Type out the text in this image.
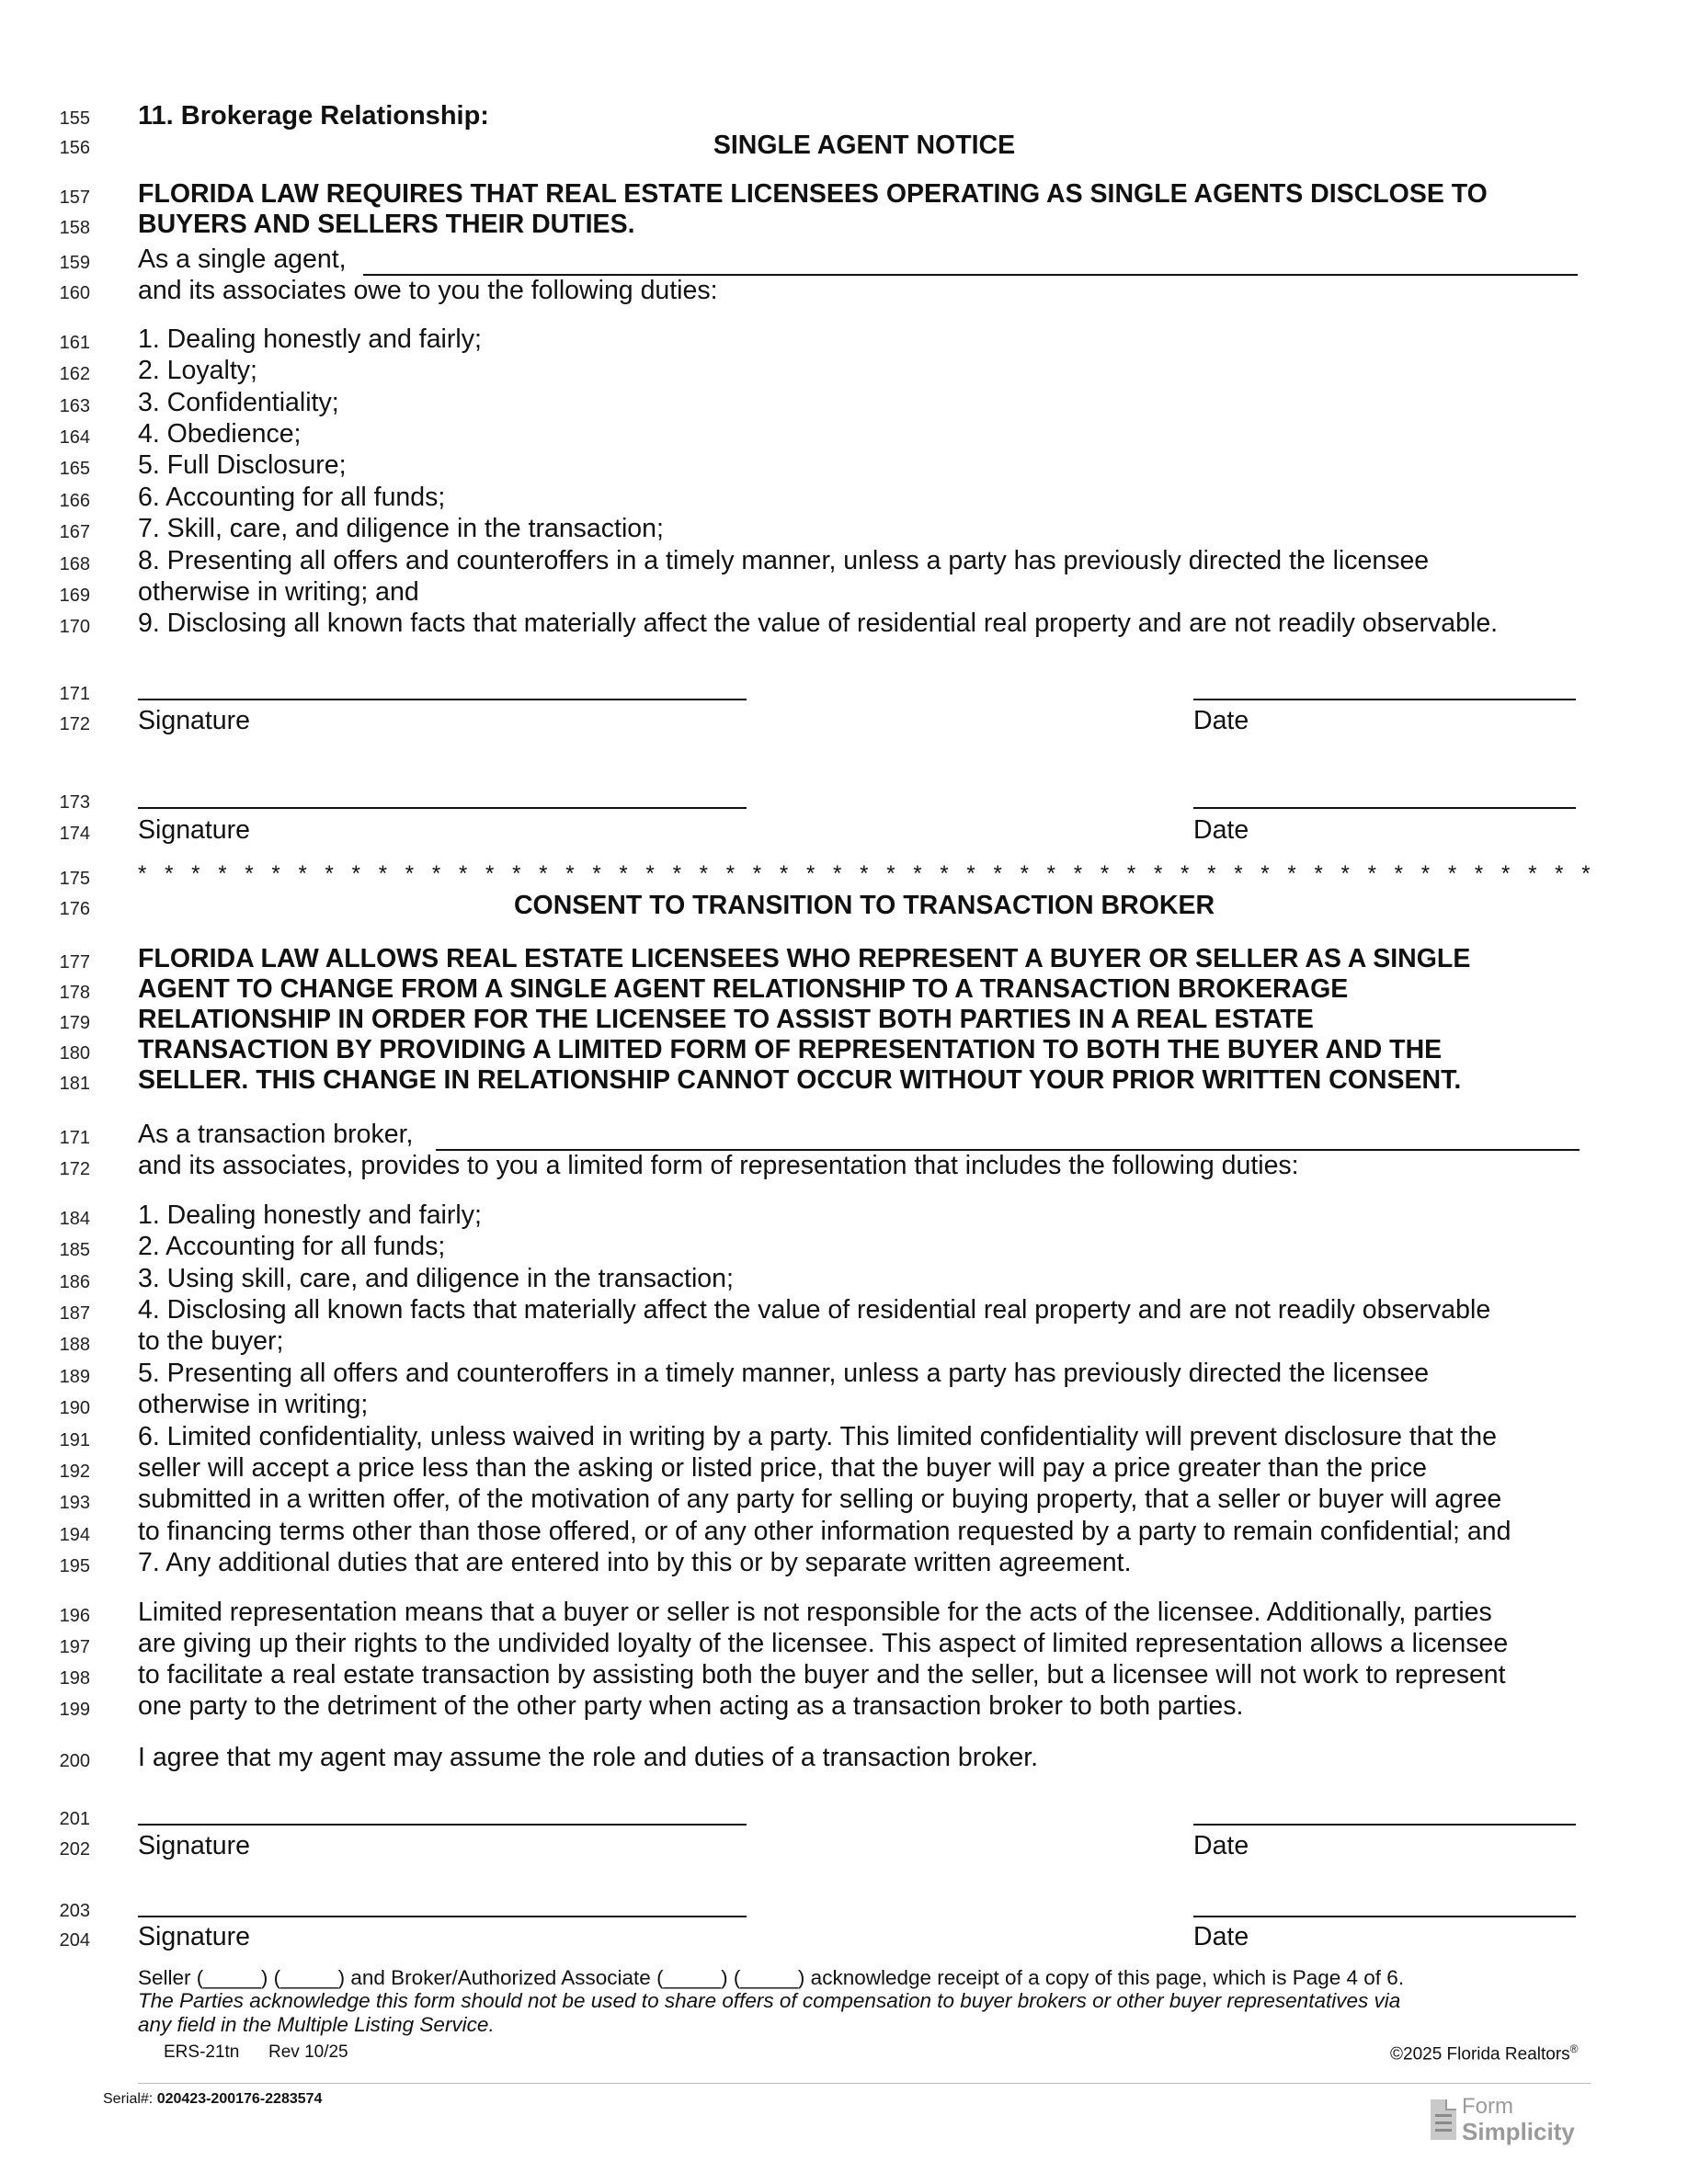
155 11. Brokerage Relationship:
156	SINGLE AGENT NOTICE
157 FLORIDA LAW REQUIRES THAT REAL ESTATE LICENSEES OPERATING AS SINGLE AGENTS DISCLOSE TO
158 BUYERS AND SELLERS THEIR DUTIES.
159 As a single agent,
160 and its associates owe to you the following duties:
161 1. Dealing honestly and fairly;
162 2. Loyalty;
163 3. Confidentiality;
164 4. Obedience;
165 5. Full Disclosure;
166 6. Accounting for all funds;
167 7. Skill, care, and diligence in the transaction;
168 8. Presenting all offers and counteroffers in a timely manner, unless a party has previously directed the licensee
169 otherwise in writing; and
170 9. Disclosing all known facts that materially affect the value of residential real property and are not readily observable.
171
172 Signature	Date
173
174 Signature	Date
175 * * * * * * * * * * * * * * * * * * * * * * * * * * * * * * * * * * * * * * * * * * * * * * * * * * * * * * *
176	CONSENT TO TRANSITION TO TRANSACTION BROKER
177 FLORIDA LAW ALLOWS REAL ESTATE LICENSEES WHO REPRESENT A BUYER OR SELLER AS A SINGLE
178 AGENT TO CHANGE FROM A SINGLE AGENT RELATIONSHIP TO A TRANSACTION BROKERAGE
179 RELATIONSHIP IN ORDER FOR THE LICENSEE TO ASSIST BOTH PARTIES IN A REAL ESTATE
180 TRANSACTION BY PROVIDING A LIMITED FORM OF REPRESENTATION TO BOTH THE BUYER AND THE
181 SELLER. THIS CHANGE IN RELATIONSHIP CANNOT OCCUR WITHOUT YOUR PRIOR WRITTEN CONSENT.
171 As a transaction broker,
172 and its associates, provides to you a limited form of representation that includes the following duties:
184 1. Dealing honestly and fairly;
185 2. Accounting for all funds;
186 3. Using skill, care, and diligence in the transaction;
187 4. Disclosing all known facts that materially affect the value of residential real property and are not readily observable
188 to the buyer;
189 5. Presenting all offers and counteroffers in a timely manner, unless a party has previously directed the licensee
190 otherwise in writing;
191 6. Limited confidentiality, unless waived in writing by a party. This limited confidentiality will prevent disclosure that the
192 seller will accept a price less than the asking or listed price, that the buyer will pay a price greater than the price
193 submitted in a written offer, of the motivation of any party for selling or buying property, that a seller or buyer will agree
194 to financing terms other than those offered, or of any other information requested by a party to remain confidential; and
195 7. Any additional duties that are entered into by this or by separate written agreement.
196 Limited representation means that a buyer or seller is not responsible for the acts of the licensee. Additionally, parties
197 are giving up their rights to the undivided loyalty of the licensee. This aspect of limited representation allows a licensee
198 to facilitate a real estate transaction by assisting both the buyer and the seller, but a licensee will not work to represent
199 one party to the detriment of the other party when acting as a transaction broker to both parties.
200 I agree that my agent may assume the role and duties of a transaction broker.
201
202 Signature	Date
203
204 Signature	Date
Seller (_____) (_____) and Broker/Authorized Associate (_____) (_____) acknowledge receipt of a copy of this page, which is Page 4 of 6.
The Parties acknowledge this form should not be used to share offers of compensation to buyer brokers or other buyer representatives via
any field in the Multiple Listing Service.
ERS-21tn Rev 10/25	©2025 Florida Realtors®
Serial#: 020423-200176-2283574	Form
Simplicity
